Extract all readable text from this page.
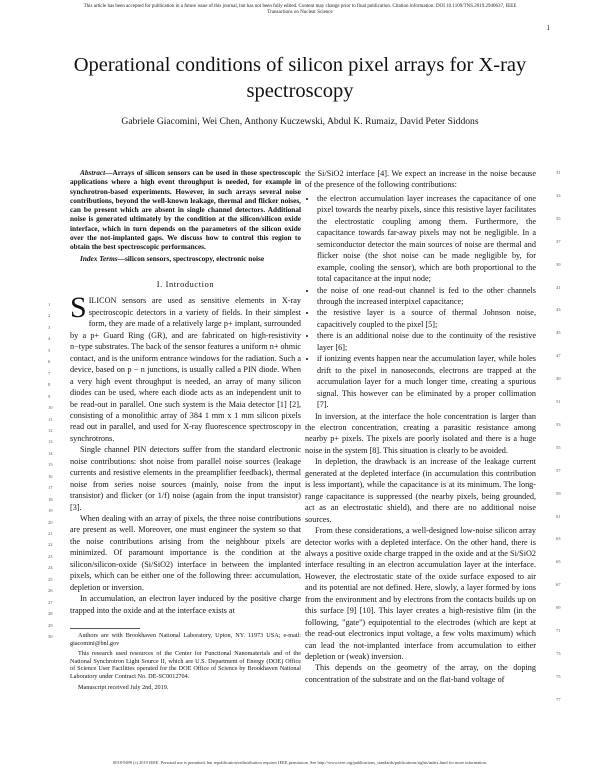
This article has been accepted for publication in a future issue of this journal, but has not been fully edited. Content may change prior to final publication. Citation information: DOI 10.1109/TNS.2019.2940637, IEEE
Transactions on Nuclear Science
1
Operational conditions of silicon pixel arrays for X-ray spectroscopy
Gabriele Giacomini, Wei Chen, Anthony Kuczewski, Abdul K. Rumaiz, David Peter Siddons

Abstract—Arrays of silicon sensors can be used in those spectroscopic applications where a high event throughput is needed, for example in synchrotron-based experiments. However, in such arrays several noise contributions, beyond the well-known leakage, thermal and flicker noises, can be present which are absent in single channel detectors. Additional noise is generated ultimately by the condition at the silicon/silicon oxide interface, which in turn depends on the parameters of the silicon oxide over the not-implanted gaps. We discuss how to control this region to obtain the best spectroscopic performances.

Index Terms—silicon sensors, spectroscopy, electronic noise

I. Introduction

SILICON sensors are used as sensitive elements in X-ray spectroscopic detectors in a variety of fields. In their simplest form, they are made of a relatively large p+ implant, surrounded by a p+ Guard Ring (GR), and are fabricated on high-resistivity n−type substrates. The back of the sensor features a uniform n+ ohmic contact, and is the uniform entrance windows for the radiation. Such a device, based on p − n junctions, is usually called a PIN diode. When a very high event throughput is needed, an array of many silicon diodes can be used, where each diode acts as an independent unit to be read-out in parallel. One such system is the Maia detector [1] [2], consisting of a monolithic array of 384 1 mm x 1 mm silicon pixels read out in parallel, and used for X-ray fluorescence spectroscopy in synchrotrons.

Single channel PIN detectors suffer from the standard electronic noise contributions: shot noise from parallel noise sources (leakage currents and resistive elements in the preamplifier feedback), thermal noise from series noise sources (mainly, noise from the input transistor) and flicker (or 1/f) noise (again from the input transistor) [3].

When dealing with an array of pixels, the three noise contributions are present as well. Moreover, one must engineer the system so that the noise contributions arising from the neighbour pixels are minimized. Of paramount importance is the condition at the silicon/silicon-oxide (Si/SiO2) interface in between the implanted pixels, which can be either one of the following three: accumulation, depletion or inversion.

In accumulation, an electron layer induced by the positive charge trapped into the oxide and at the interface exists at

Authors are with Brookhaven National Laboratory, Upton, NY. 11973 USA; e-mail: giacomini@bnl.gov

This research used resources of the Center for Functional Nanomaterials and of the National Synchrotron Light Source II, which are U.S. Department of Energy (DOE) Office of Science User Facilities operated for the DOE Office of Science by Brookhaven National Laboratory under Contract No. DE-SC0012704.

Manuscript received July 2nd, 2019.

the Si/SiO2 interface [4]. We expect an increase in the noise because of the presence of the following contributions:

• the electron accumulation layer increases the capacitance of one pixel towards the nearby pixels, since this resistive layer facilitates the electrostatic coupling among them. Furthermore, the capacitance towards far-away pixels may not be negligible. In a semiconductor detector the main sources of noise are thermal and flicker noise (the shot noise can be made negligible by, for example, cooling the sensor), which are both proportional to the total capacitance at the input node;
• the noise of one read-out channel is fed to the other channels through the increased interpixel capacitance;
• the resistive layer is a source of thermal Johnson noise, capacitively coupled to the pixel [5];
• there is an additional noise due to the continuity of the resistive layer [6];
• if ionizing events happen near the accumulation layer, while holes drift to the pixel in nanoseconds, electrons are trapped at the accumulation layer for a much longer time, creating a spurious signal. This however can be eliminated by a proper collimation [7].

In inversion, at the interface the hole concentration is larger than the electron concentration, creating a parasitic resistance among nearby p+ pixels. The pixels are poorly isolated and there is a huge noise in the system [8]. This situation is clearly to be avoided.

In depletion, the drawback is an increase of the leakage current generated at the depleted interface (in accumulation this contribution is less important), while the capacitance is at its minimum. The long-range capacitance is suppressed (the nearby pixels, being grounded, act as an electrostatic shield), and there are no additional noise sources.

From these considerations, a well-designed low-noise silicon array detector works with a depleted interface. On the other hand, there is always a positive oxide charge trapped in the oxide and at the Si/SiO2 interface resulting in an electron accumulation layer at the interface. However, the electrostatic state of the oxide surface exposed to air and its potential are not defined. Here, slowly, a layer formed by ions from the environment and by electrons from the contacts builds up on this surface [9] [10]. This layer creates a high-resistive film (in the following, "gate") equipotential to the electrodes (which are kept at the read-out electronics input voltage, a few volts maximum) which can lead the not-implanted interface from accumulation to either depletion or (weak) inversion.

This depends on the geometry of the array, on the doping concentration of the substrate and on the flat-band voltage of

1
2
3
4
5
6
7
8
9
10
11
12
13
14
15
16
17
18
19
20
21
22
23
24
25
26
27
28
29
30
31
33
35
37
39
41
43
45
47
49
51
53
55
57
59
61
63
65
67
69
71
73
75
77
0018-9499 (c) 2019 IEEE. Personal use is permitted, but republication/redistribution requires IEEE permission. See http://www.ieee.org/publications_standards/publications/rights/index.html for more information.
